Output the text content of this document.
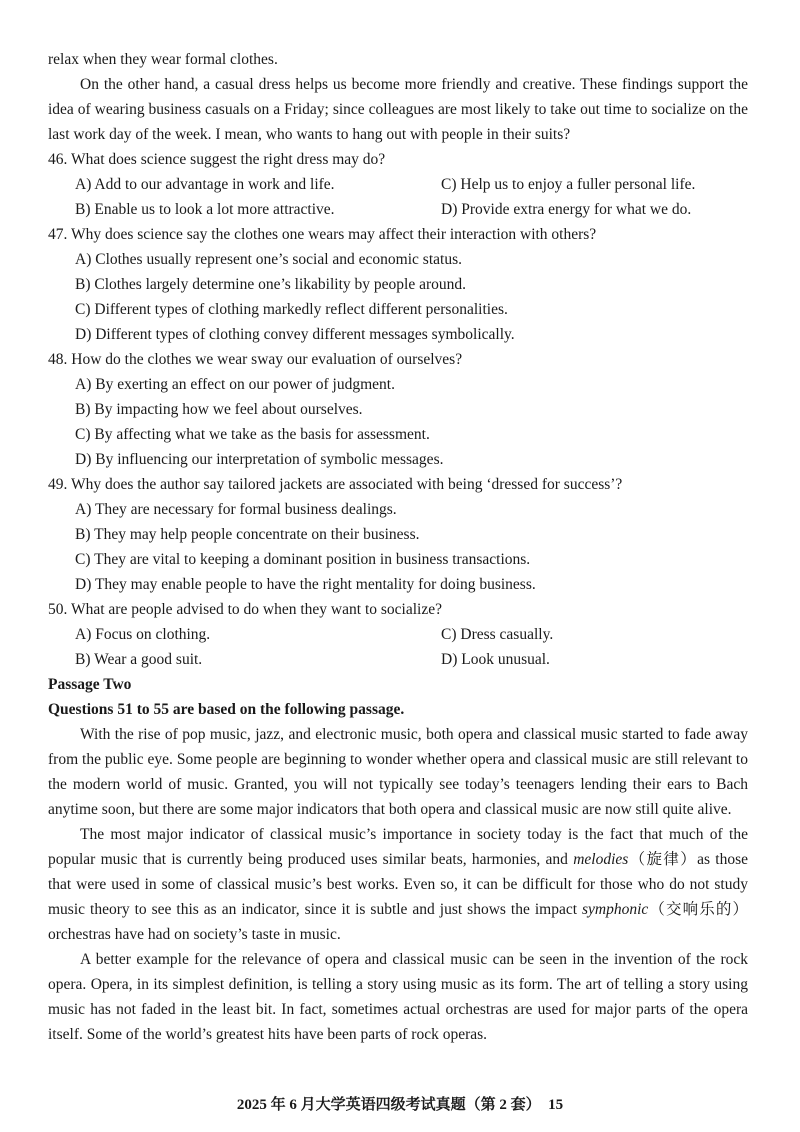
relax when they wear formal clothes.

On the other hand, a casual dress helps us become more friendly and creative. These findings support the idea of wearing business casuals on a Friday; since colleagues are most likely to take out time to socialize on the last work day of the week. I mean, who wants to hang out with people in their suits?

46. What does science suggest the right dress may do?
A) Add to our advantage in work and life.	C) Help us to enjoy a fuller personal life.
B) Enable us to look a lot more attractive.	D) Provide extra energy for what we do.
47. Why does science say the clothes one wears may affect their interaction with others?
A) Clothes usually represent one’s social and economic status.
B) Clothes largely determine one’s likability by people around.
C) Different types of clothing markedly reflect different personalities.
D) Different types of clothing convey different messages symbolically.
48. How do the clothes we wear sway our evaluation of ourselves?
A) By exerting an effect on our power of judgment.
B) By impacting how we feel about ourselves.
C) By affecting what we take as the basis for assessment.
D) By influencing our interpretation of symbolic messages.
49. Why does the author say tailored jackets are associated with being ‘dressed for success’?
A) They are necessary for formal business dealings.
B) They may help people concentrate on their business.
C) They are vital to keeping a dominant position in business transactions.
D) They may enable people to have the right mentality for doing business.
50. What are people advised to do when they want to socialize?
A) Focus on clothing.	C) Dress casually.
B) Wear a good suit.	D) Look unusual.
Passage Two
Questions 51 to 55 are based on the following passage.

With the rise of pop music, jazz, and electronic music, both opera and classical music started to fade away from the public eye. Some people are beginning to wonder whether opera and classical music are still relevant to the modern world of music. Granted, you will not typically see today’s teenagers lending their ears to Bach anytime soon, but there are some major indicators that both opera and classical music are now still quite alive.

The most major indicator of classical music’s importance in society today is the fact that much of the popular music that is currently being produced uses similar beats, harmonies, and melodies（旋律）as those that were used in some of classical music’s best works. Even so, it can be difficult for those who do not study music theory to see this as an indicator, since it is subtle and just shows the impact symphonic（交响乐的）orchestras have had on society’s taste in music.

A better example for the relevance of opera and classical music can be seen in the invention of the rock opera. Opera, in its simplest definition, is telling a story using music as its form. The art of telling a story using music has not faded in the least bit. In fact, sometimes actual orchestras are used for major parts of the opera itself. Some of the world’s greatest hits have been parts of rock operas.

2025 年 6 月大学英语四级考试真题（第 2 套）　15
